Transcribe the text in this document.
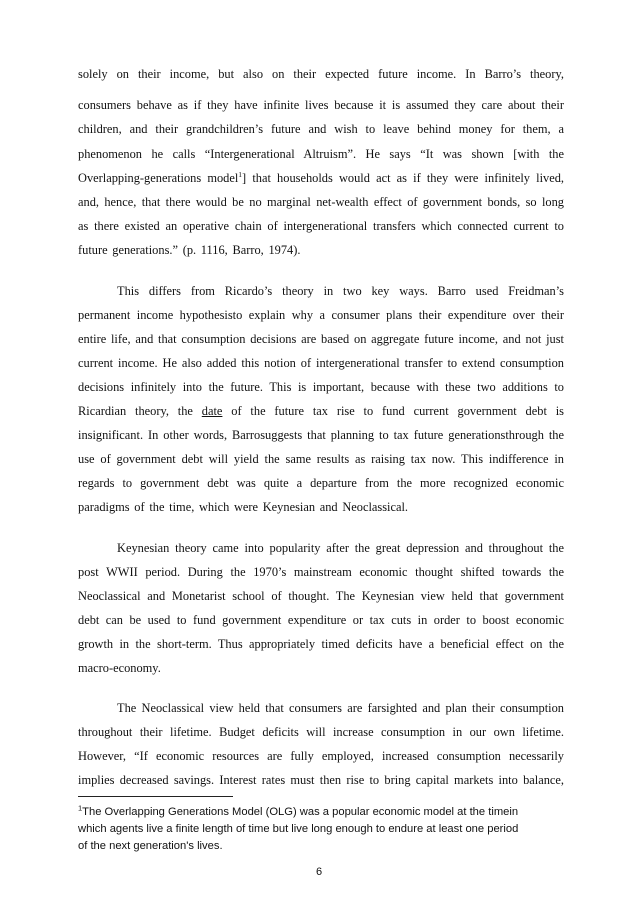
solely on their income, but also on their expected future income. In Barro’s theory,
consumers behave as if they have infinite lives because it is assumed they care about their
children, and their grandchildren’s future and wish to leave behind money for them, a
phenomenon he calls “Intergenerational Altruism”. He says “It was shown [with the
Overlapping-generations model$^1$] that households would act as if they were infinitely lived,
and, hence, that there would be no marginal net-wealth effect of government bonds, so long
as there existed an operative chain of intergenerational transfers which connected current to
future generations.” (p. 1116, Barro, 1974).
This differs from Ricardo’s theory in two key ways. Barro used Freidman’s
permanent income hypothesisto explain why a consumer plans their expenditure over their
entire life, and that consumption decisions are based on aggregate future income, and not just
current income. He also added this notion of intergenerational transfer to extend consumption
decisions infinitely into the future. This is important, because with these two additions to
Ricardian theory, the date of the future tax rise to fund current government debt is
insignificant. In other words, Barrosuggests that planning to tax future generationsthrough the
use of government debt will yield the same results as raising tax now. This indifference in
regards to government debt was quite a departure from the more recognized economic
paradigms of the time, which were Keynesian and Neoclassical.
Keynesian theory came into popularity after the great depression and throughout the
post WWII period. During the 1970’s mainstream economic thought shifted towards the
Neoclassical and Monetarist school of thought. The Keynesian view held that government
debt can be used to fund government expenditure or tax cuts in order to boost economic
growth in the short-term. Thus appropriately timed deficits have a beneficial effect on the
macro-economy.
The Neoclassical view held that consumers are farsighted and plan their consumption
throughout their lifetime. Budget deficits will increase consumption in our own lifetime.
However, “If economic resources are fully employed, increased consumption necessarily
implies decreased savings. Interest rates must then rise to bring capital markets into balance,
$^1$The Overlapping Generations Model (OLG) was a popular economic model at the timein
which agents live a finite length of time but live long enough to endure at least one period
of the next generation's lives.
6
